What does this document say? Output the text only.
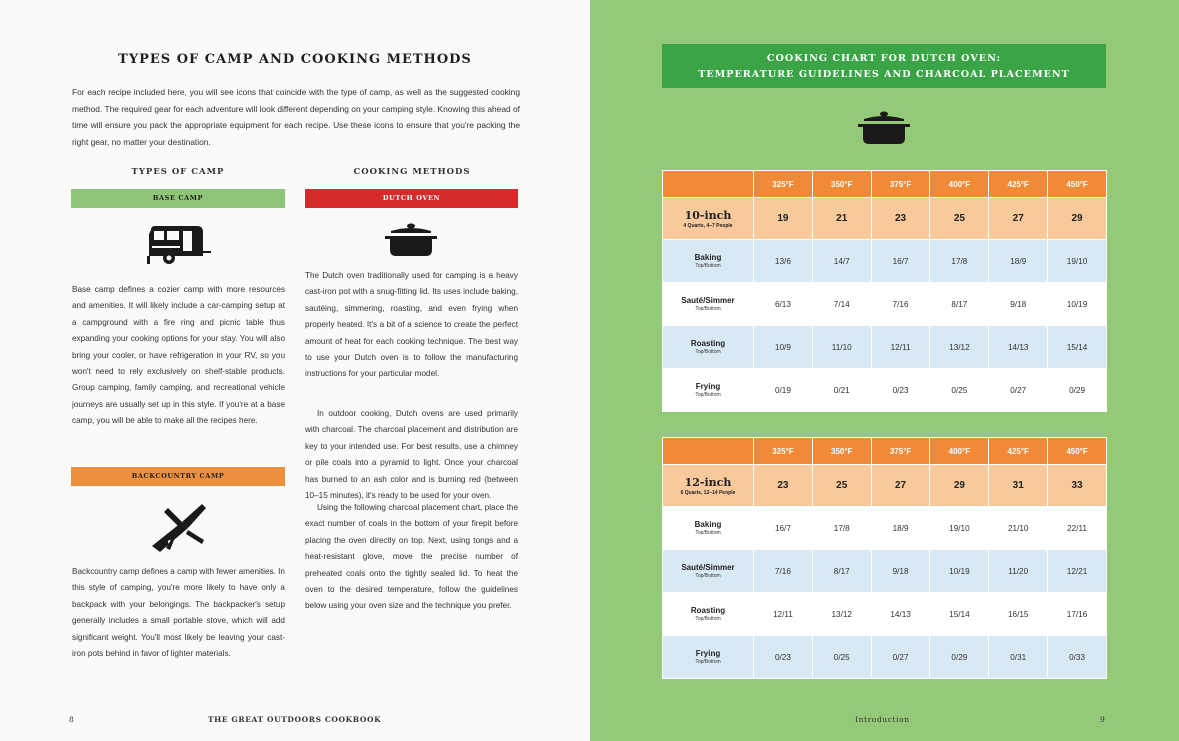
TYPES OF CAMP AND COOKING METHODS
For each recipe included here, you will see icons that coincide with the type of camp, as well as the suggested cooking method. The required gear for each adventure will look different depending on your camping style. Knowing this ahead of time will ensure you pack the appropriate equipment for each recipe. Use these icons to ensure that you're packing the right gear, no matter your destination.
TYPES OF CAMP	COOKING METHODS
BASE CAMP	DUTCH OVEN
Base camp defines a cozier camp with more resources and amenities. It will likely include a car-camping setup at a campground with a fire ring and picnic table thus expanding your cooking options for your stay. You will also bring your cooler, or have refrigeration in your RV, so you won't need to rely exclusively on shelf-stable products. Group camping, family camping, and recreational vehicle journeys are usually set up in this style. If you're at a base camp, you will be able to make all the recipes here.
BACKCOUNTRY CAMP
Backcountry camp defines a camp with fewer amenities. In this style of camping, you're more likely to have only a backpack with your belongings. The backpacker's setup generally includes a small portable stove, which will add significant weight. You'll most likely be leaving your cast-iron pots behind in favor of lighter materials.
The Dutch oven traditionally used for camping is a heavy cast-iron pot with a snug-fitting lid. Its uses include baking, sautéing, simmering, roasting, and even frying when properly heated. It's a bit of a science to create the perfect amount of heat for each cooking technique. The best way to use your Dutch oven is to follow the manufacturing instructions for your particular model.
In outdoor cooking, Dutch ovens are used primarily with charcoal. The charcoal placement and distribution are key to your intended use. For best results, use a chimney or pile coals into a pyramid to light. Once your charcoal has burned to an ash color and is burning red (between 10–15 minutes), it's ready to be used for your oven.
Using the following charcoal placement chart, place the exact number of coals in the bottom of your firepit before placing the oven directly on top. Next, using tongs and a heat-resistant glove, move the precise number of preheated coals onto the tightly sealed lid. To heat the oven to the desired temperature, follow the guidelines below using your oven size and the technique you prefer.
8	THE GREAT OUTDOORS COOKBOOK
COOKING CHART FOR DUTCH OVEN:
TEMPERATURE GUIDELINES AND CHARCOAL PLACEMENT
	325°F	350°F	375°F	400°F	425°F	450°F

10-inch
4 Quarts, 4–7 People	19	21	23	25	27	29

Baking
Top/Bottom	13/6	14/7	16/7	17/8	18/9	19/10

Sauté/Simmer
Top/Bottom	6/13	7/14	7/16	8/17	9/18	10/19

Roasting
Top/Bottom	10/9	11/10	12/11	13/12	14/13	15/14

Frying
Top/Bottom	0/19	0/21	0/23	0/25	0/27	0/29
	325°F	350°F	375°F	400°F	425°F	450°F

12-inch
6 Quarts, 12–14 People	23	25	27	29	31	33

Baking
Top/Bottom	16/7	17/8	18/9	19/10	21/10	22/11

Sauté/Simmer
Top/Bottom	7/16	8/17	9/18	10/19	11/20	12/21

Roasting
Top/Bottom	12/11	13/12	14/13	15/14	16/15	17/16

Frying
Top/Bottom	0/23	0/25	0/27	0/29	0/31	0/33
Introduction	9
